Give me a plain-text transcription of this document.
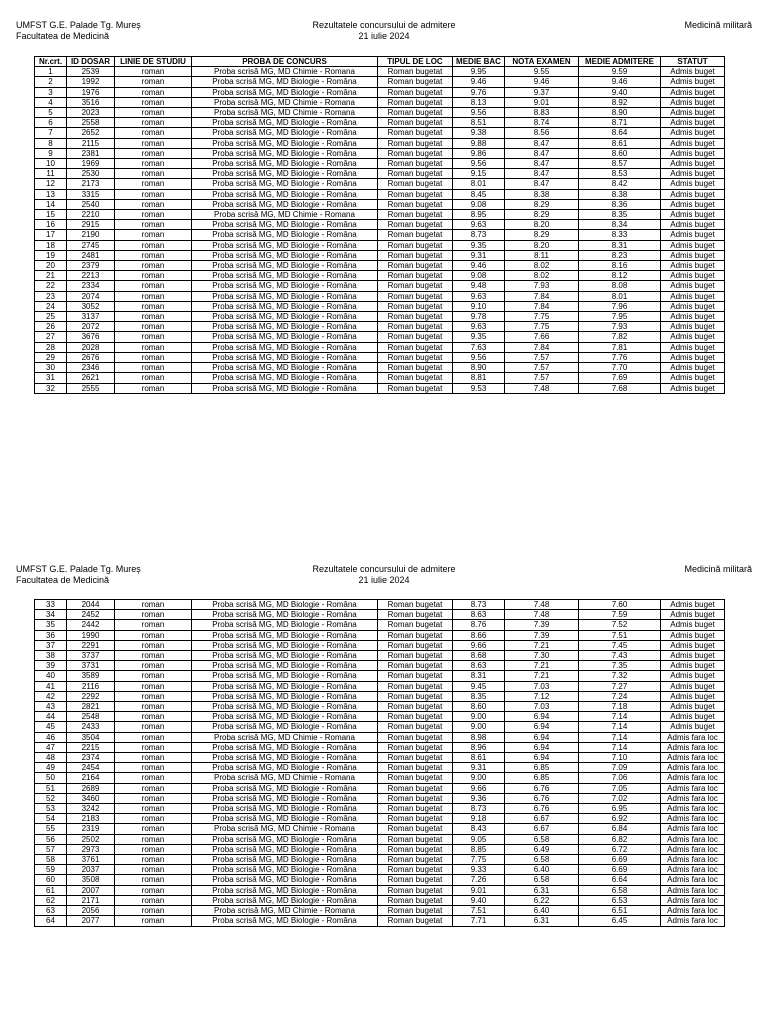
UMFST G.E. Palade Tg. Mureș
Facultatea de Medicină
Rezultatele concursului de admitere
21 iulie 2024
Medicină militară
Nr.crt.	ID DOSAR	LINIE DE STUDIU	PROBA DE CONCURS	TIPUL DE LOC	MEDIE BAC	NOTA EXAMEN	MEDIE ADMITERE	STATUT
1	2539	roman	Proba scrisă MG, MD Chimie - Romana	Roman bugetat	9.95	9.55	9.59	Admis buget
2	1992	roman	Proba scrisă MG, MD Biologie - Româna	Roman bugetat	9.46	9.46	9.46	Admis buget
3	1976	roman	Proba scrisă MG, MD Biologie - Româna	Roman bugetat	9.76	9.37	9.40	Admis buget
4	3516	roman	Proba scrisă MG, MD Chimie - Romana	Roman bugetat	8.13	9.01	8.92	Admis buget
5	2023	roman	Proba scrisă MG, MD Chimie - Romana	Roman bugetat	9.56	8.83	8.90	Admis buget
6	2558	roman	Proba scrisă MG, MD Biologie - Româna	Roman bugetat	8.51	8.74	8.71	Admis buget
7	2652	roman	Proba scrisă MG, MD Biologie - Româna	Roman bugetat	9.38	8.56	8.64	Admis buget
8	2115	roman	Proba scrisă MG, MD Biologie - Româna	Roman bugetat	9.88	8.47	8.61	Admis buget
9	2381	roman	Proba scrisă MG, MD Biologie - Româna	Roman bugetat	9.86	8.47	8.60	Admis buget
10	1969	roman	Proba scrisă MG, MD Biologie - Româna	Roman bugetat	9.56	8.47	8.57	Admis buget
11	2530	roman	Proba scrisă MG, MD Biologie - Româna	Roman bugetat	9.15	8.47	8.53	Admis buget
12	2173	roman	Proba scrisă MG, MD Biologie - Româna	Roman bugetat	8.01	8.47	8.42	Admis buget
13	3315	roman	Proba scrisă MG, MD Biologie - Româna	Roman bugetat	8.45	8.38	8.38	Admis buget
14	2540	roman	Proba scrisă MG, MD Biologie - Româna	Roman bugetat	9.08	8.29	8.36	Admis buget
15	2210	roman	Proba scrisă MG, MD Chimie - Romana	Roman bugetat	8.95	8.29	8.35	Admis buget
16	2915	roman	Proba scrisă MG, MD Biologie - Româna	Roman bugetat	9.63	8.20	8.34	Admis buget
17	2190	roman	Proba scrisă MG, MD Biologie - Româna	Roman bugetat	8.73	8.29	8.33	Admis buget
18	2745	roman	Proba scrisă MG, MD Biologie - Româna	Roman bugetat	9.35	8.20	8.31	Admis buget
19	2481	roman	Proba scrisă MG, MD Biologie - Româna	Roman bugetat	9.31	8.11	8.23	Admis buget
20	2379	roman	Proba scrisă MG, MD Biologie - Româna	Roman bugetat	9.46	8.02	8.16	Admis buget
21	2213	roman	Proba scrisă MG, MD Biologie - Româna	Roman bugetat	9.08	8.02	8.12	Admis buget
22	2334	roman	Proba scrisă MG, MD Biologie - Româna	Roman bugetat	9.48	7.93	8.08	Admis buget
23	2074	roman	Proba scrisă MG, MD Biologie - Româna	Roman bugetat	9.63	7.84	8.01	Admis buget
24	3052	roman	Proba scrisă MG, MD Biologie - Româna	Roman bugetat	9.10	7.84	7.96	Admis buget
25	3137	roman	Proba scrisă MG, MD Biologie - Româna	Roman bugetat	9.78	7.75	7.95	Admis buget
26	2072	roman	Proba scrisă MG, MD Biologie - Româna	Roman bugetat	9.63	7.75	7.93	Admis buget
27	3676	roman	Proba scrisă MG, MD Biologie - Româna	Roman bugetat	9.35	7.66	7.82	Admis buget
28	2028	roman	Proba scrisă MG, MD Biologie - Româna	Roman bugetat	7.63	7.84	7.81	Admis buget
29	2676	roman	Proba scrisă MG, MD Biologie - Româna	Roman bugetat	9.56	7.57	7.76	Admis buget
30	2346	roman	Proba scrisă MG, MD Biologie - Româna	Roman bugetat	8.90	7.57	7.70	Admis buget
31	2621	roman	Proba scrisă MG, MD Biologie - Româna	Roman bugetat	8.81	7.57	7.69	Admis buget
32	2555	roman	Proba scrisă MG, MD Biologie - Româna	Roman bugetat	9.53	7.48	7.68	Admis buget
UMFST G.E. Palade Tg. Mureș
Facultatea de Medicină
Rezultatele concursului de admitere
21 iulie 2024
Medicină militară
33	2044	roman	Proba scrisă MG, MD Biologie - Româna	Roman bugetat	8.73	7.48	7.60	Admis buget
34	2452	roman	Proba scrisă MG, MD Biologie - Româna	Roman bugetat	8.63	7.48	7.59	Admis buget
35	2442	roman	Proba scrisă MG, MD Biologie - Româna	Roman bugetat	8.76	7.39	7.52	Admis buget
36	1990	roman	Proba scrisă MG, MD Biologie - Româna	Roman bugetat	8.66	7.39	7.51	Admis buget
37	2291	roman	Proba scrisă MG, MD Biologie - Româna	Roman bugetat	9.66	7.21	7.45	Admis buget
38	3737	roman	Proba scrisă MG, MD Biologie - Româna	Roman bugetat	8.68	7.30	7.43	Admis buget
39	3731	roman	Proba scrisă MG, MD Biologie - Româna	Roman bugetat	8.63	7.21	7.35	Admis buget
40	3589	roman	Proba scrisă MG, MD Biologie - Româna	Roman bugetat	8.31	7.21	7.32	Admis buget
41	2116	roman	Proba scrisă MG, MD Biologie - Româna	Roman bugetat	9.45	7.03	7.27	Admis buget
42	2292	roman	Proba scrisă MG, MD Biologie - Româna	Roman bugetat	8.35	7.12	7.24	Admis buget
43	2821	roman	Proba scrisă MG, MD Biologie - Româna	Roman bugetat	8.60	7.03	7.18	Admis buget
44	2548	roman	Proba scrisă MG, MD Biologie - Româna	Roman bugetat	9.00	6.94	7.14	Admis buget
45	2433	roman	Proba scrisă MG, MD Biologie - Româna	Roman bugetat	9.00	6.94	7.14	Admis buget
46	3504	roman	Proba scrisă MG, MD Chimie - Romana	Roman bugetat	8.98	6.94	7.14	Admis fara loc
47	2215	roman	Proba scrisă MG, MD Biologie - Româna	Roman bugetat	8.96	6.94	7.14	Admis fara loc
48	2374	roman	Proba scrisă MG, MD Biologie - Româna	Roman bugetat	8.61	6.94	7.10	Admis fara loc
49	2454	roman	Proba scrisă MG, MD Biologie - Româna	Roman bugetat	9.31	6.85	7.09	Admis fara loc
50	2164	roman	Proba scrisă MG, MD Chimie - Romana	Roman bugetat	9.00	6.85	7.06	Admis fara loc
51	2689	roman	Proba scrisă MG, MD Biologie - Româna	Roman bugetat	9.66	6.76	7.05	Admis fara loc
52	3460	roman	Proba scrisă MG, MD Biologie - Româna	Roman bugetat	9.36	6.76	7.02	Admis fara loc
53	3242	roman	Proba scrisă MG, MD Biologie - Româna	Roman bugetat	8.73	6.76	6.95	Admis fara loc
54	2183	roman	Proba scrisă MG, MD Biologie - Româna	Roman bugetat	9.18	6.67	6.92	Admis fara loc
55	2319	roman	Proba scrisă MG, MD Chimie - Romana	Roman bugetat	8.43	6.67	6.84	Admis fara loc
56	2502	roman	Proba scrisă MG, MD Biologie - Româna	Roman bugetat	9.05	6.58	6.82	Admis fara loc
57	2973	roman	Proba scrisă MG, MD Biologie - Româna	Roman bugetat	8.85	6.49	6.72	Admis fara loc
58	3761	roman	Proba scrisă MG, MD Biologie - Româna	Roman bugetat	7.75	6.58	6.69	Admis fara loc
59	2037	roman	Proba scrisă MG, MD Biologie - Româna	Roman bugetat	9.33	6.40	6.69	Admis fara loc
60	3508	roman	Proba scrisă MG, MD Biologie - Româna	Roman bugetat	7.26	6.58	6.64	Admis fara loc
61	2007	roman	Proba scrisă MG, MD Biologie - Româna	Roman bugetat	9.01	6.31	6.58	Admis fara loc
62	2171	roman	Proba scrisă MG, MD Biologie - Româna	Roman bugetat	9.40	6.22	6.53	Admis fara loc
63	2056	roman	Proba scrisă MG, MD Chimie - Romana	Roman bugetat	7.51	6.40	6.51	Admis fara loc
64	2077	roman	Proba scrisă MG, MD Biologie - Româna	Roman bugetat	7.71	6.31	6.45	Admis fara loc
